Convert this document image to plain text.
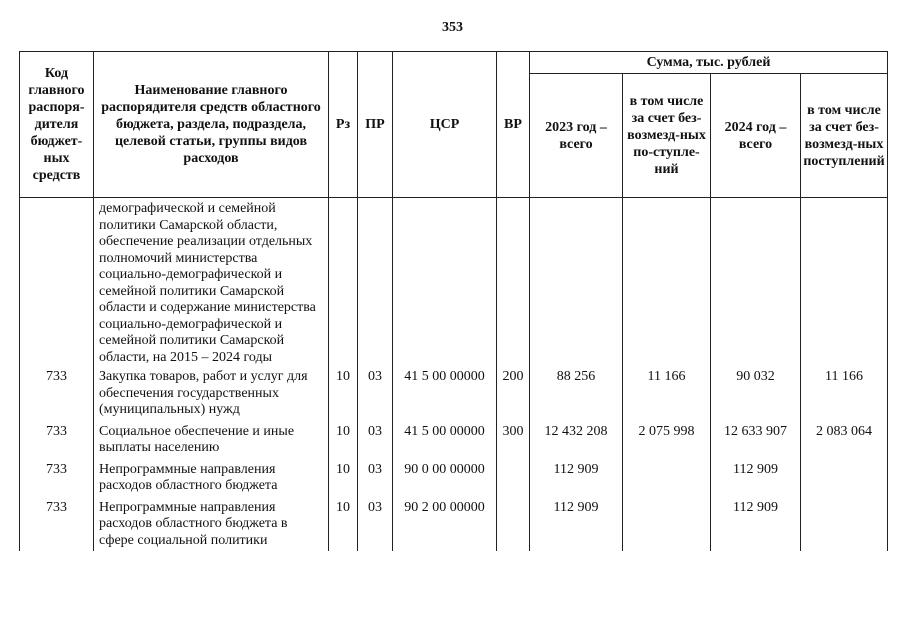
353
Код главного распоря-дителя бюджет-ных средств	Наименование главного распорядителя средств областного бюджета, раздела, подраздела, целевой статьи, группы видов расходов	Рз	ПР	ЦСР	ВР	Сумма, тыс. рублей			
						2023 год – всего	в том числе за счет без-возмезд-ных по-ступле-ний	2024 год – всего	в том числе за счет без-возмезд-ных поступлений
	демографической и семейной политики Самарской области, обеспечение реализации отдельных полномочий министерства социально-демографической и семейной политики Самарской области и содержание министерства социально-демографической и семейной политики Самарской области, на 2015 – 2024 годы								
733	Закупка товаров, работ и услуг для обеспечения государственных (муниципальных) нужд	10	03	41 5 00 00000	200	88 256	11 166	90 032	11 166
733	Социальное обеспечение и иные выплаты населению	10	03	41 5 00 00000	300	12 432 208	2 075 998	12 633 907	2 083 064
733	Непрограммные направления расходов областного бюджета	10	03	90 0 00 00000		112 909		112 909	
733	Непрограммные направления расходов областного бюджета в сфере социальной политики	10	03	90 2 00 00000		112 909		112 909	
